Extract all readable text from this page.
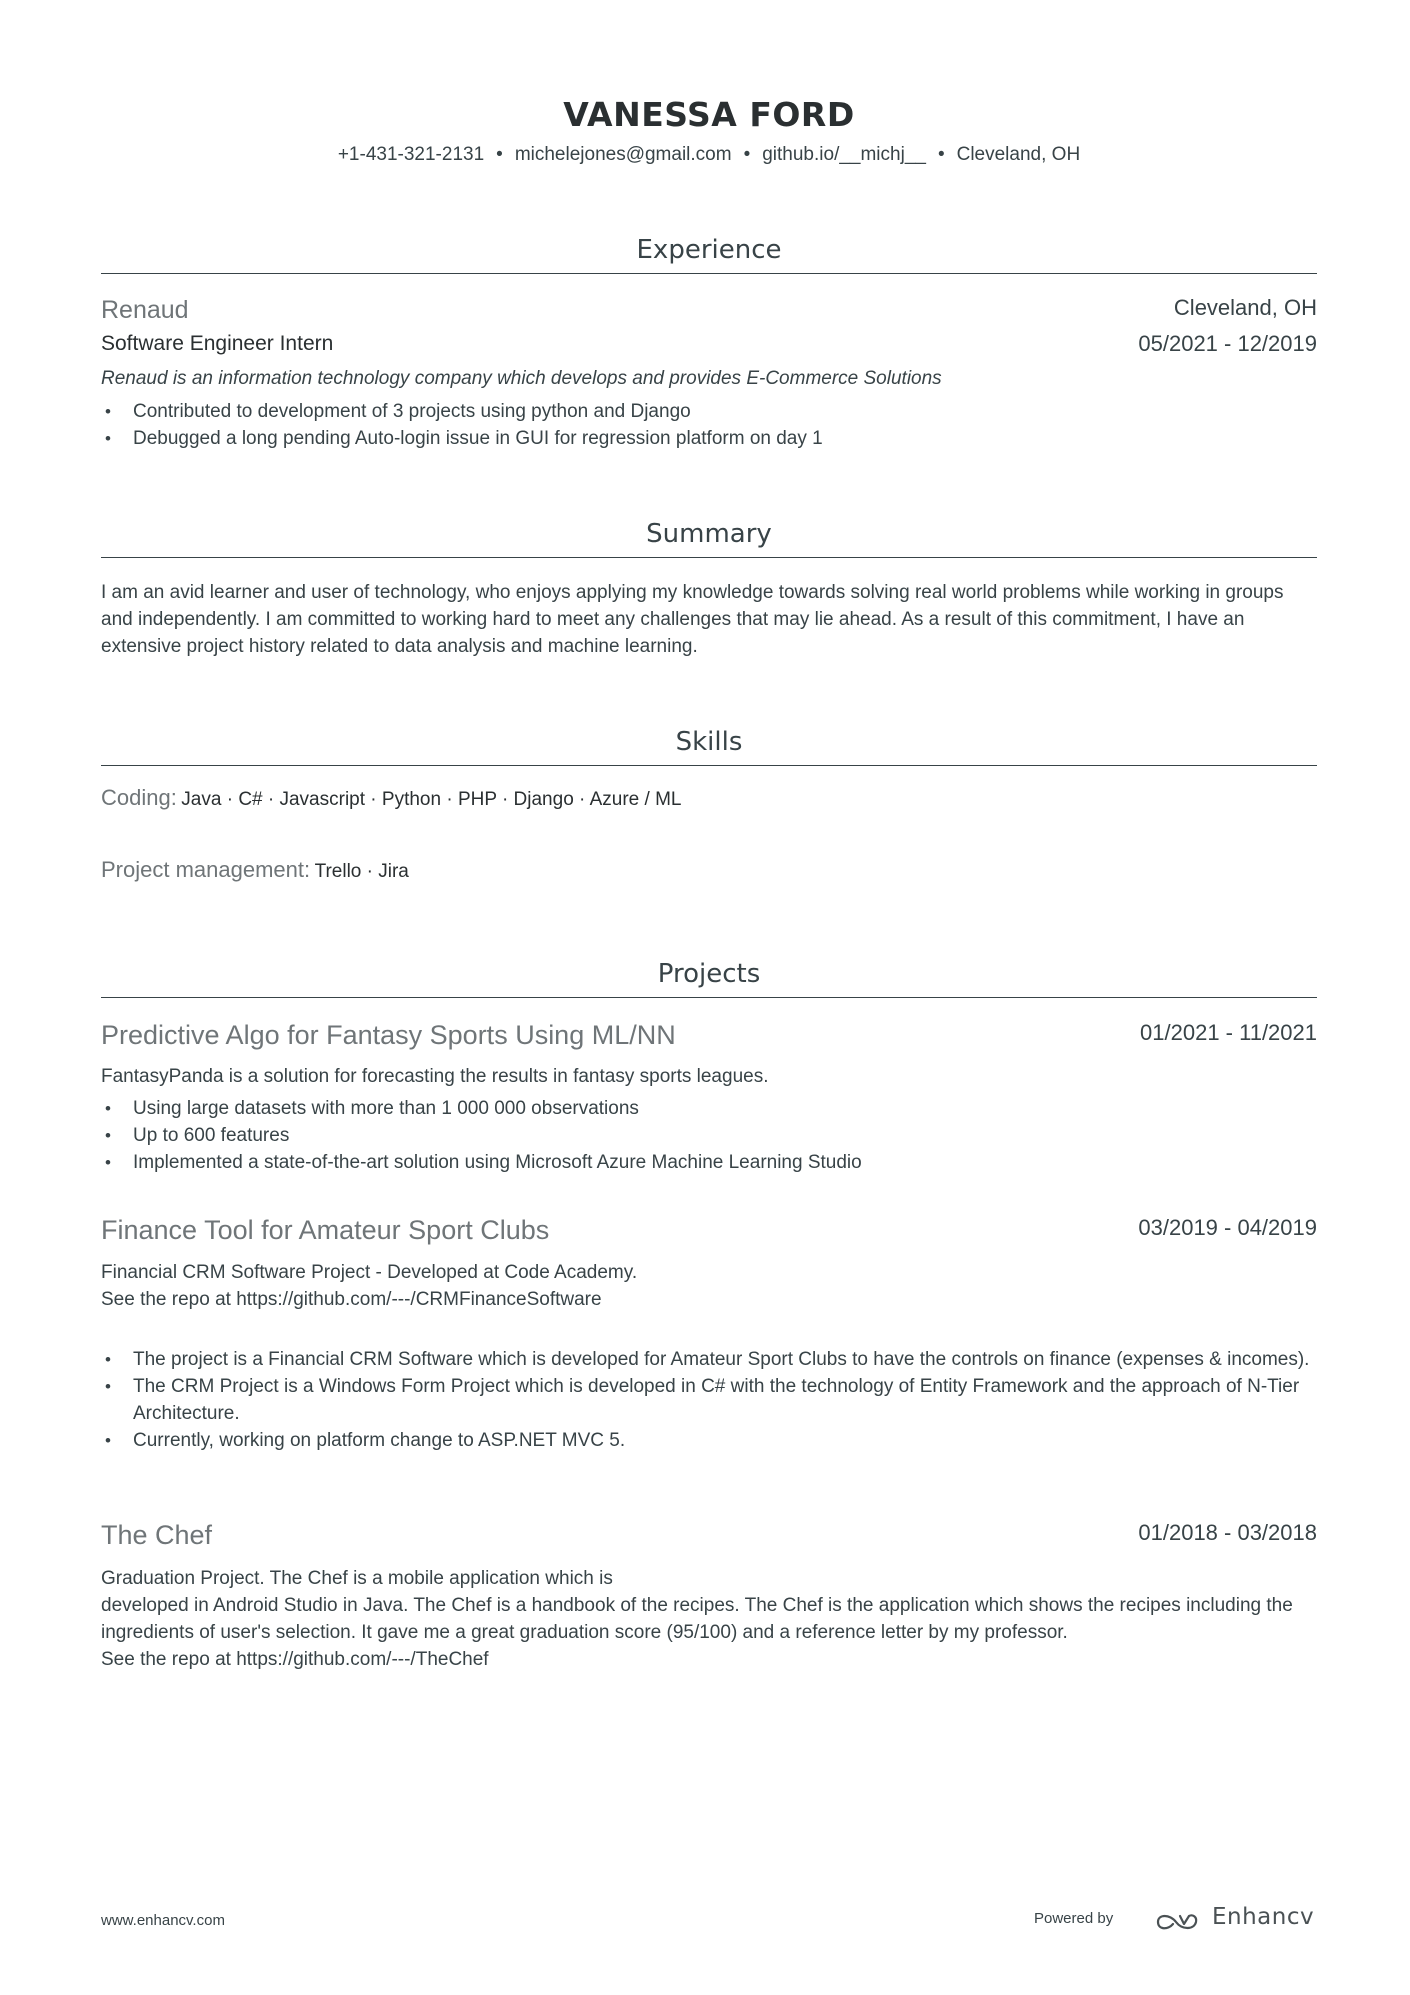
VANESSA FORD
+1-431-321-2131 • michelejones@gmail.com • github.io/__michj__ • Cleveland, OH
Experience
Renaud	Cleveland, OH
Software Engineer Intern	05/2021 - 12/2019
Renaud is an information technology company which develops and provides E-Commerce Solutions
• Contributed to development of 3 projects using python and Django
• Debugged a long pending Auto-login issue in GUI for regression platform on day 1
Summary
I am an avid learner and user of technology, who enjoys applying my knowledge towards solving real world problems while working in groups and independently. I am committed to working hard to meet any challenges that may lie ahead. As a result of this commitment, I have an extensive project history related to data analysis and machine learning.
Skills
Coding: Java · C# · Javascript · Python · PHP · Django · Azure / ML
Project management: Trello · Jira
Projects
Predictive Algo for Fantasy Sports Using ML/NN	01/2021 - 11/2021
FantasyPanda is a solution for forecasting the results in fantasy sports leagues.
• Using large datasets with more than 1 000 000 observations
• Up to 600 features
• Implemented a state-of-the-art solution using Microsoft Azure Machine Learning Studio
Finance Tool for Amateur Sport Clubs	03/2019 - 04/2019
Financial CRM Software Project - Developed at Code Academy.
See the repo at https://github.com/---/CRMFinanceSoftware
• The project is a Financial CRM Software which is developed for Amateur Sport Clubs to have the controls on finance (expenses & incomes).
• The CRM Project is a Windows Form Project which is developed in C# with the technology of Entity Framework and the approach of N-Tier Architecture.
• Currently, working on platform change to ASP.NET MVC 5.
The Chef	01/2018 - 03/2018
Graduation Project. The Chef is a mobile application which is
developed in Android Studio in Java. The Chef is a handbook of the recipes. The Chef is the application which shows the recipes including the ingredients of user's selection. It gave me a great graduation score (95/100) and a reference letter by my professor.
See the repo at https://github.com/---/TheChef
www.enhancv.com	Powered by	Enhancv
